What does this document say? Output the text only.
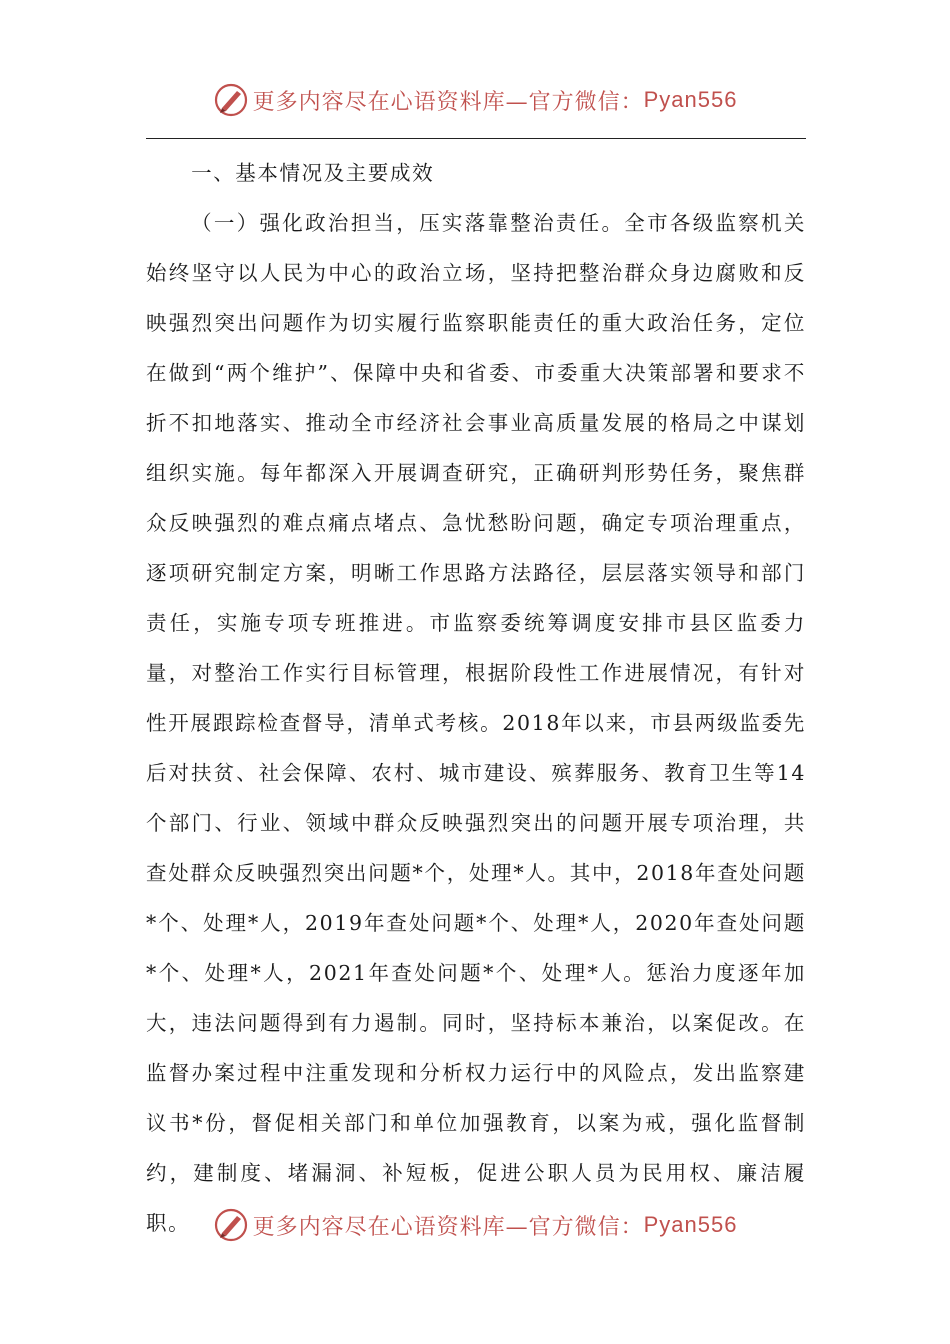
更多内容尽在心语资料库—官方微信： Pyan556
一、基本情况及主要成效

（一）强化政治担当，压实落靠整治责任。全市各级监察机关始终坚守以人民为中心的政治立场，坚持把整治群众身边腐败和反映强烈突出问题作为切实履行监察职能责任的重大政治任务，定位在做到“两个维护”、保障中央和省委、市委重大决策部署和要求不折不扣地落实、推动全市经济社会事业高质量发展的格局之中谋划组织实施。每年都深入开展调查研究，正确研判形势任务，聚焦群众反映强烈的难点痛点堵点、急忧愁盼问题，确定专项治理重点，逐项研究制定方案，明晰工作思路方法路径，层层落实领导和部门责任，实施专项专班推进。市监察委统筹调度安排市县区监委力量，对整治工作实行目标管理，根据阶段性工作进展情况，有针对性开展跟踪检查督导，清单式考核。2018年以来，市县两级监委先后对扶贫、社会保障、农村、城市建设、殡葬服务、教育卫生等14个部门、行业、领域中群众反映强烈突出的问题开展专项治理，共查处群众反映强烈突出问题*个，处理*人。其中，2018年查处问题*个、处理*人，2019年查处问题*个、处理*人，2020年查处问题*个、处理*人，2021年查处问题*个、处理*人。惩治力度逐年加大，违法问题得到有力遏制。同时，坚持标本兼治，以案促改。在监督办案过程中注重发现和分析权力运行中的风险点，发出监察建议书*份，督促相关部门和单位加强教育，以案为戒，强化监督制约，建制度、堵漏洞、补短板，促进公职人员为民用权、廉洁履职。	更多内容尽在心语资料库—官方微信： Pyan556
